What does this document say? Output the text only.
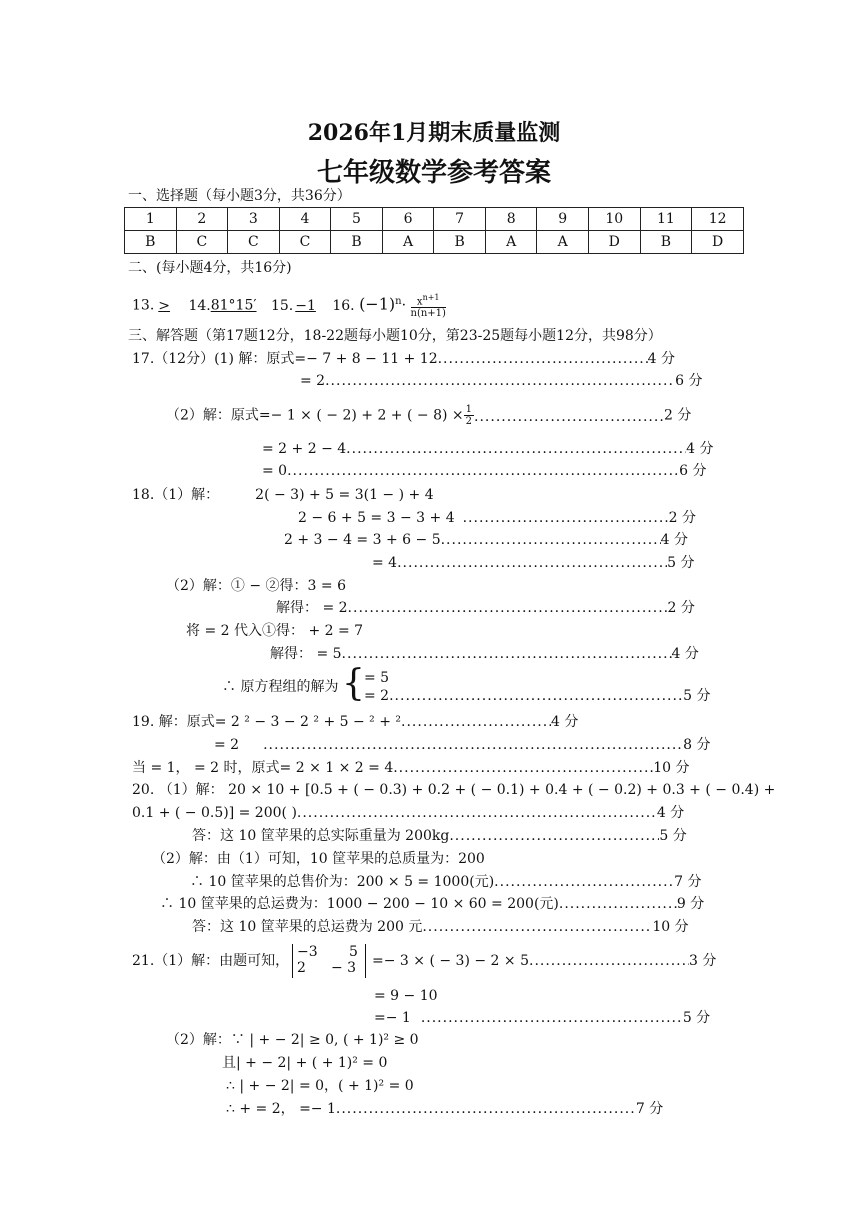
2026年1月期末质量监测
七年级数学参考答案
一、选择题（每小题3分，共36分）
1	2	3	4	5	6	7	8	9	10	11	12
B	C	C	C	B	A	B	A	A	D	B	D
二、(每小题4分，共16分)
13. > 14.81°15′ 15. −1 16. $(-1)^n\cdot \frac{x^{n+1}}{n(n+1)}$
三、解答题（第17题12分，18-22题每小题10分，第23-25题每小题12分，共98分）
17.（12分）(1) 解：原式=− 7 + 8 − 11 + 12 .....	4 分
= 2 .....	6 分
（2）解：原式=− 1 × ( − 2) + 2 + ( − $8) \times \frac{1}{2}$ .....	2 分
= 2 + 2 − 4 .....	4 分
= 0 .....	6 分
18.（1）解：	2( − 3) + 5 = 3(1 − ) + 4
2 − 6 + 5 = 3 − 3 + 4 .....	2 分
2 + 3 − 4 = 3 + 6 − 5 .....	4 分
= 4 .....	5 分
（2）解：① − ②得：3 = 6
解得： = 2 .....	2 分
将 = 2 代入①得： + 2 = 7
解得： = 5 .....	4 分
∴ 原方程组的解为 { = 5
= 2 .....	5 分
19. 解：原式= 2 ² − 3 − 2 ² + 5 − ² + ² .....	4 分
= 2 .....	8 分
当 = 1， = 2 时，原式= 2 × 1 × 2 = 4 .....	10 分
20. （1）解： 20 × 10 + [0.5 + ( − 0.3) + 0.2 + ( − 0.1) + 0.4 + ( − 0.2) + 0.3 + ( − 0.4) +
0.1 + ( − 0.5)] = 200( ) .....	4 分
答：这 10 筐苹果的总实际重量为 200kg .....	5 分
（2）解：由（1）可知，10 筐苹果的总质量为：200
∴ 10 筐苹果的总售价为：200 × 5 = 1000(元) .....	7 分
∴ 10 筐苹果的总运费为：1000 − 200 − 10 × 60 = 200(元) .....	9 分
答：这 10 筐苹果的总运费为 200 元 .....	10 分
21.（1）解：由题可知，
−3 5
2 − 3 =− 3 × ( − 3) − 2 × 5 .....	3 分
= 9 − 10
=− 1 .....	5 分
（2）解：∵ | + − 2| ≥ 0, ( + 1)² ≥ 0
且| + − 2| + ( + 1)² = 0
∴ | + − 2| = 0，( + 1)² = 0
∴ + = 2， =− 1 .....	7 分
